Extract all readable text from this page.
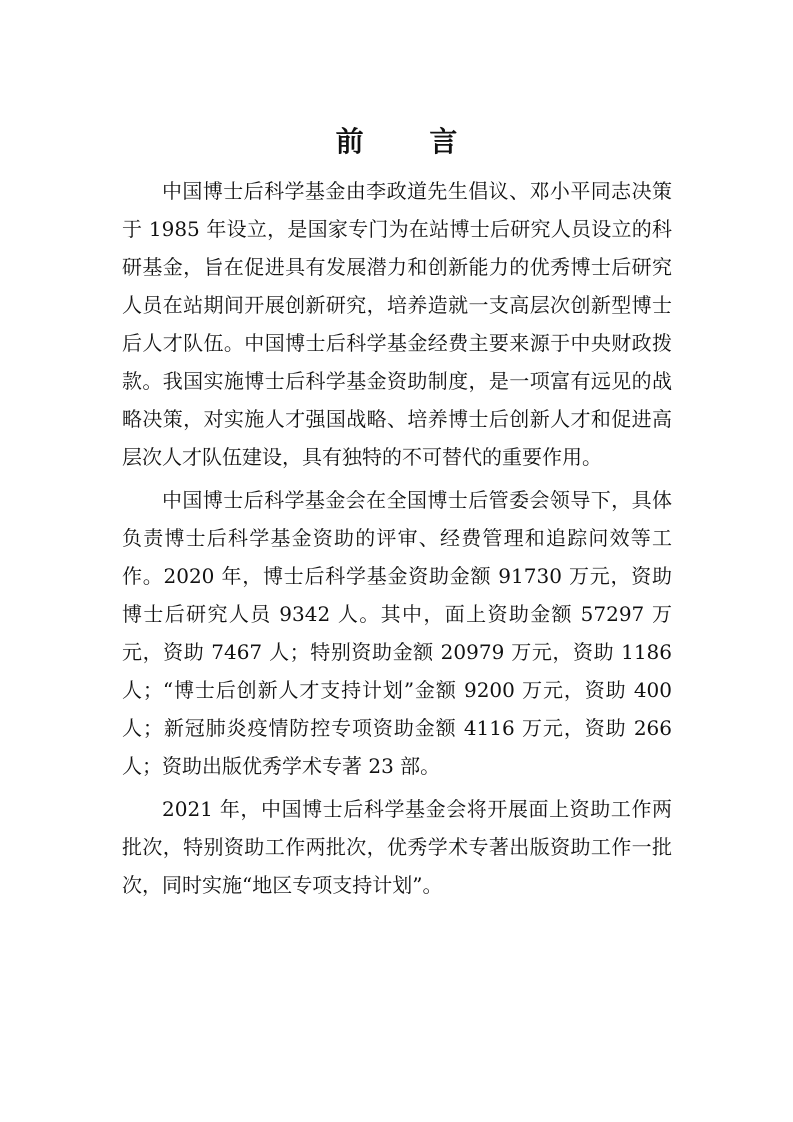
前 言

中国博士后科学基金由李政道先生倡议、邓小平同志决策于 1985 年设立，是国家专门为在站博士后研究人员设立的科研基金，旨在促进具有发展潜力和创新能力的优秀博士后研究人员在站期间开展创新研究，培养造就一支高层次创新型博士后人才队伍。中国博士后科学基金经费主要来源于中央财政拨款。我国实施博士后科学基金资助制度，是一项富有远见的战略决策，对实施人才强国战略、培养博士后创新人才和促进高层次人才队伍建设，具有独特的不可替代的重要作用。

中国博士后科学基金会在全国博士后管委会领导下，具体负责博士后科学基金资助的评审、经费管理和追踪问效等工作。2020 年，博士后科学基金资助金额 91730 万元，资助博士后研究人员 9342 人。其中，面上资助金额 57297 万元，资助 7467 人；特别资助金额 20979 万元，资助 1186 人；“博士后创新人才支持计划”金额 9200 万元，资助 400 人；新冠肺炎疫情防控专项资助金额 4116 万元，资助 266 人；资助出版优秀学术专著 23 部。

2021 年，中国博士后科学基金会将开展面上资助工作两批次，特别资助工作两批次，优秀学术专著出版资助工作一批次，同时实施“地区专项支持计划”。
